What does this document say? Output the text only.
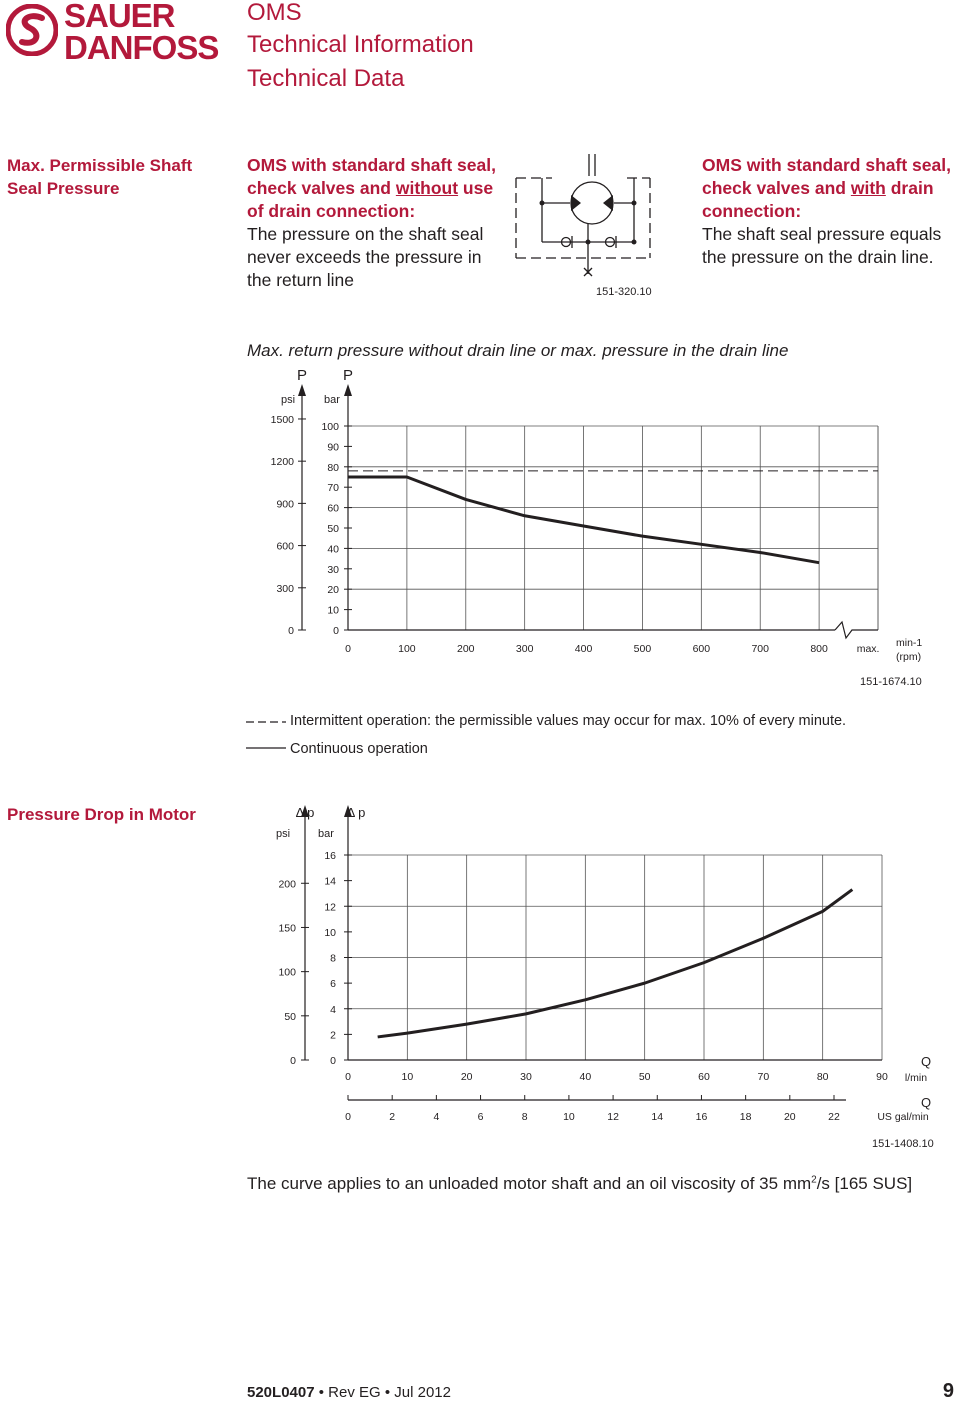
SAUER
DANFOSS
OMS
Technical Information
Technical Data
Max. Permissible Shaft
Seal Pressure
OMS with standard shaft seal,
check valves and without use
of drain connection:
The pressure on the shaft seal
never exceeds the pressure in
the return line
OMS with standard shaft seal,
check valves and with drain
connection:
The shaft seal pressure equals
the pressure on the drain line.
151-320.10
Max. return pressure without drain line or max. pressure in the drain line
P P
psi	bar
0
10
20
30
40
50
60
70
80
90
100
0
300
600
900
1200
1500
0	100	200	300	400	500	600	700	800	max. min-1
(rpm)
151-1674.10
Intermittent operation: the permissible values may occur for max. 10% of every minute.
Continuous operation
Pressure Drop in Motor	Δ p Δ p
psi	bar
0
2
4
6
8
10
12
14
16
0
50
100
150
200
0	10	20	30	40	50	60	70	80	90
Q
l/min
0	2	4	6	8	10	12	14	16	18	20	22
Q
US gal/min
151-1408.10
The curve applies to an unloaded motor shaft and an oil viscosity of 35 $mm^2/s$ [165 SUS]
520L0407 • Rev EG • Jul 2012	9
